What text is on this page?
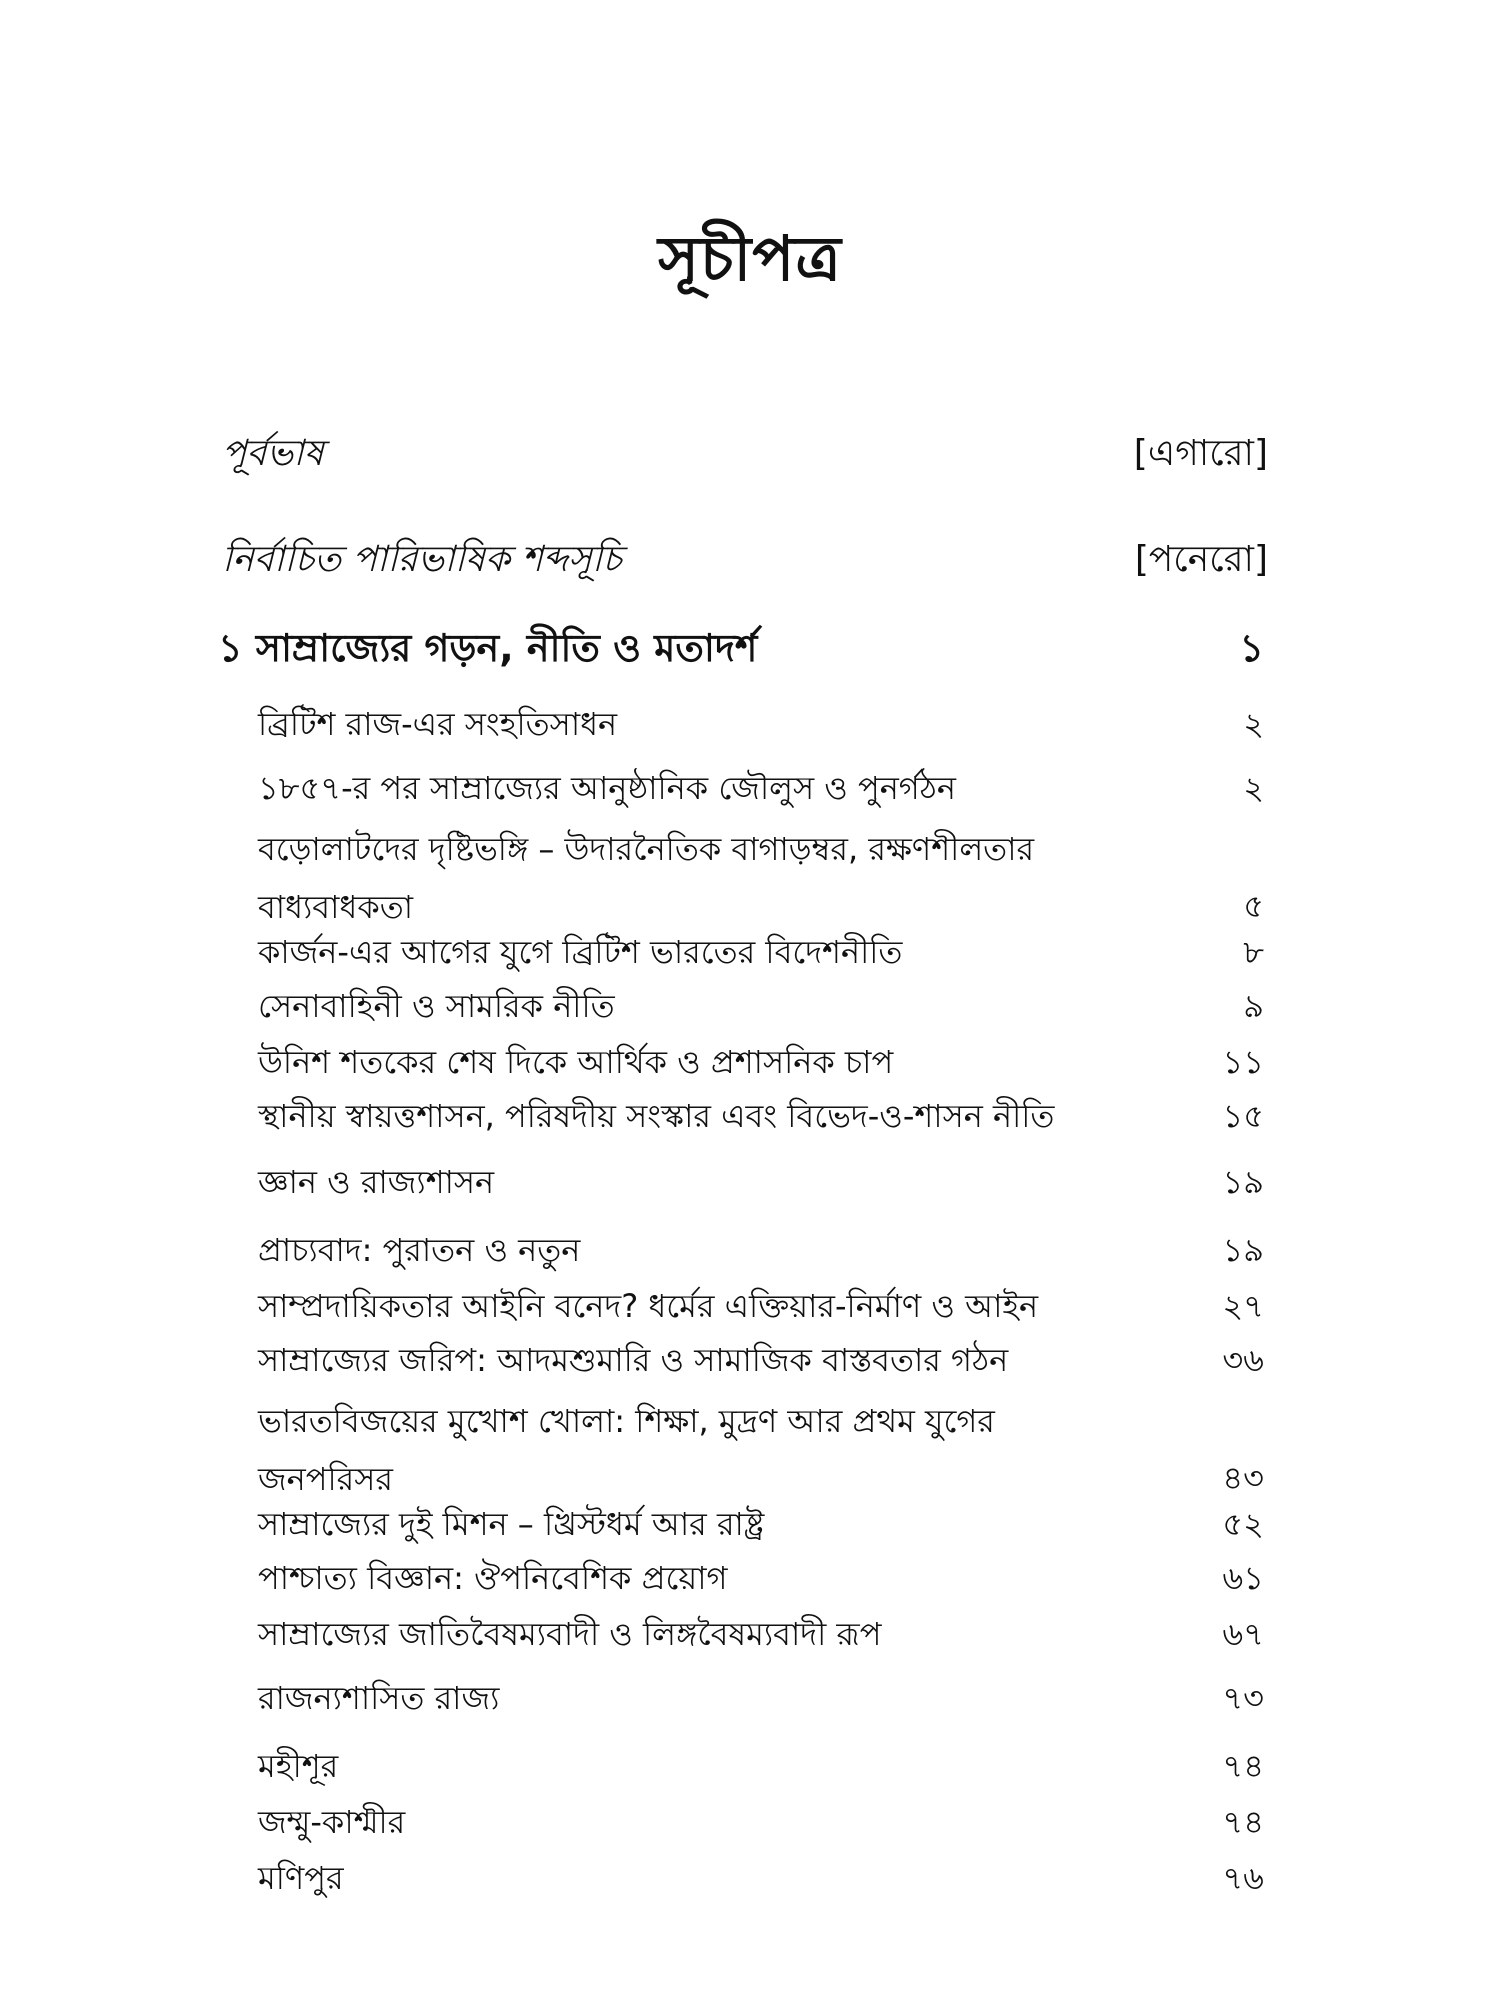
সূচীপত্র
পূর্বভাষ	[এগারো]
নির্বাচিত পারিভাষিক শব্দসূচি	[পনেরো]
১ সাম্রাজ্যের গড়ন, নীতি ও মতাদর্শ	১
ব্রিটিশ রাজ-এর সংহতিসাধন	২
১৮৫৭-র পর সাম্রাজ্যের আনুষ্ঠানিক জৌলুস ও পুনর্গঠন	২
বড়োলাটদের দৃষ্টিভঙ্গি – উদারনৈতিক বাগাড়ম্বর, রক্ষণশীলতার বাধ্যবাধকতা	৫
কার্জন-এর আগের যুগে ব্রিটিশ ভারতের বিদেশনীতি	৮
সেনাবাহিনী ও সামরিক নীতি	৯
উনিশ শতকের শেষ দিকে আর্থিক ও প্রশাসনিক চাপ	১১
স্থানীয় স্বায়ত্তশাসন, পরিষদীয় সংস্কার এবং বিভেদ-ও-শাসন নীতি	১৫
জ্ঞান ও রাজ্যশাসন	১৯
প্রাচ্যবাদ: পুরাতন ও নতুন	১৯
সাম্প্রদায়িকতার আইনি বনেদ? ধর্মের এক্তিয়ার-নির্মাণ ও আইন	২৭
সাম্রাজ্যের জরিপ: আদমশুমারি ও সামাজিক বাস্তবতার গঠন	৩৬
ভারতবিজয়ের মুখোশ খোলা: শিক্ষা, মুদ্রণ আর প্রথম যুগের জনপরিসর	৪৩
সাম্রাজ্যের দুই মিশন – খ্রিস্টধর্ম আর রাষ্ট্র	৫২
পাশ্চাত্য বিজ্ঞান: ঔপনিবেশিক প্রয়োগ	৬১
সাম্রাজ্যের জাতিবৈষম্যবাদী ও লিঙ্গবৈষম্যবাদী রূপ	৬৭
রাজন্যশাসিত রাজ্য	৭৩
মহীশূর	৭৪
জম্মু-কাশ্মীর	৭৪
মণিপুর	৭৬
